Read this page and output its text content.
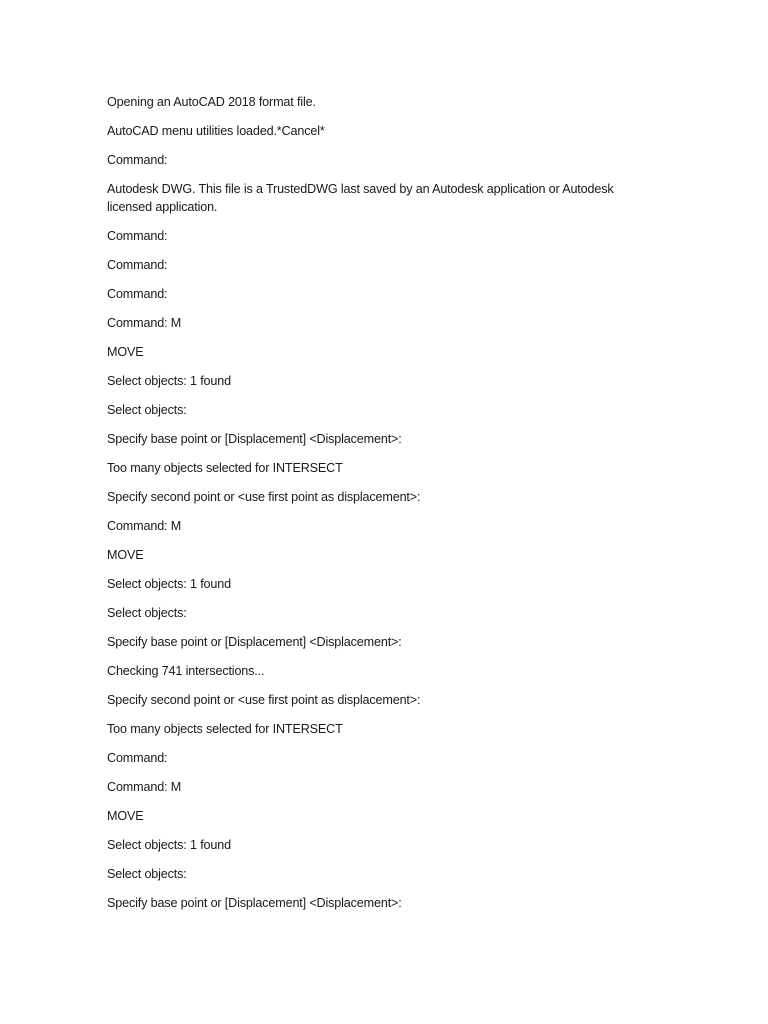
Opening an AutoCAD 2018 format file.

AutoCAD menu utilities loaded.*Cancel*

Command:

Autodesk DWG. This file is a TrustedDWG last saved by an Autodesk application or Autodesk licensed application.

Command:

Command:

Command:

Command: M

MOVE

Select objects: 1 found

Select objects:

Specify base point or [Displacement] <Displacement>:

Too many objects selected for INTERSECT

Specify second point or <use first point as displacement>:

Command: M

MOVE

Select objects: 1 found

Select objects:

Specify base point or [Displacement] <Displacement>:

Checking 741 intersections...

Specify second point or <use first point as displacement>:

Too many objects selected for INTERSECT

Command:

Command: M

MOVE

Select objects: 1 found

Select objects:

Specify base point or [Displacement] <Displacement>:
